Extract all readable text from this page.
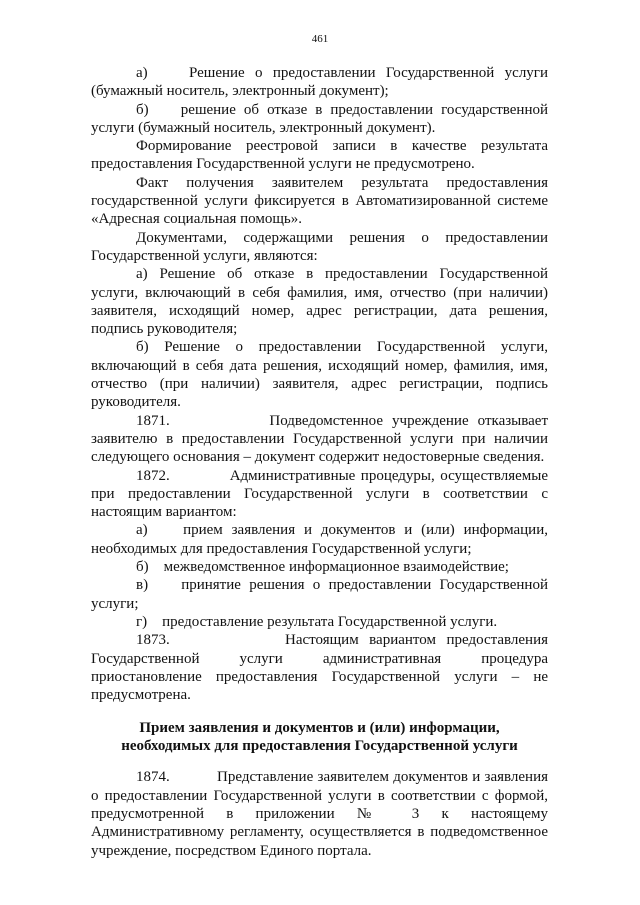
461

а)    Решение о предоставлении Государственной услуги (бумажный носитель, электронный документ);

б)    решение об отказе в предоставлении государственной услуги (бумажный носитель, электронный документ).

Формирование реестровой записи в качестве результата предоставления Государственной услуги не предусмотрено.

Факт получения заявителем результата предоставления государственной услуги фиксируется в Автоматизированной системе «Адресная социальная помощь».

Документами, содержащими решения о предоставлении Государственной услуги, являются:

а) Решение об отказе в предоставлении Государственной услуги, включающий в себя фамилия, имя, отчество (при наличии) заявителя, исходящий номер, адрес регистрации, дата решения, подпись руководителя;

б) Решение о предоставлении Государственной услуги, включающий в себя дата решения, исходящий номер, фамилия, имя, отчество (при наличии) заявителя, адрес регистрации, подпись руководителя.

1871.           Подведомстенное учреждение отказывает заявителю в предоставлении Государственной услуги при наличии следующего основания – документ содержит недостоверные сведения.

1872.           Административные процедуры, осуществляемые при предоставлении Государственной услуги в соответствии с настоящим вариантом:

а)    прием заявления и документов и (или) информации, необходимых для предоставления Государственной услуги;

б)    межведомственное информационное взаимодействие;

в)    принятие решения о предоставлении Государственной услуги;

г)    предоставление результата Государственной услуги.

1873.           Настоящим вариантом предоставления Государственной услуги административная процедура приостановление предоставления Государственной услуги – не предусмотрена.

Прием заявления и документов и (или) информации,
необходимых для предоставления Государственной услуги

1874.           Представление заявителем документов и заявления о предоставлении Государственной услуги в соответствии с формой, предусмотренной в приложении № 3 к настоящему Административному регламенту, осуществляется в подведомственное учреждение, посредством Единого портала.
